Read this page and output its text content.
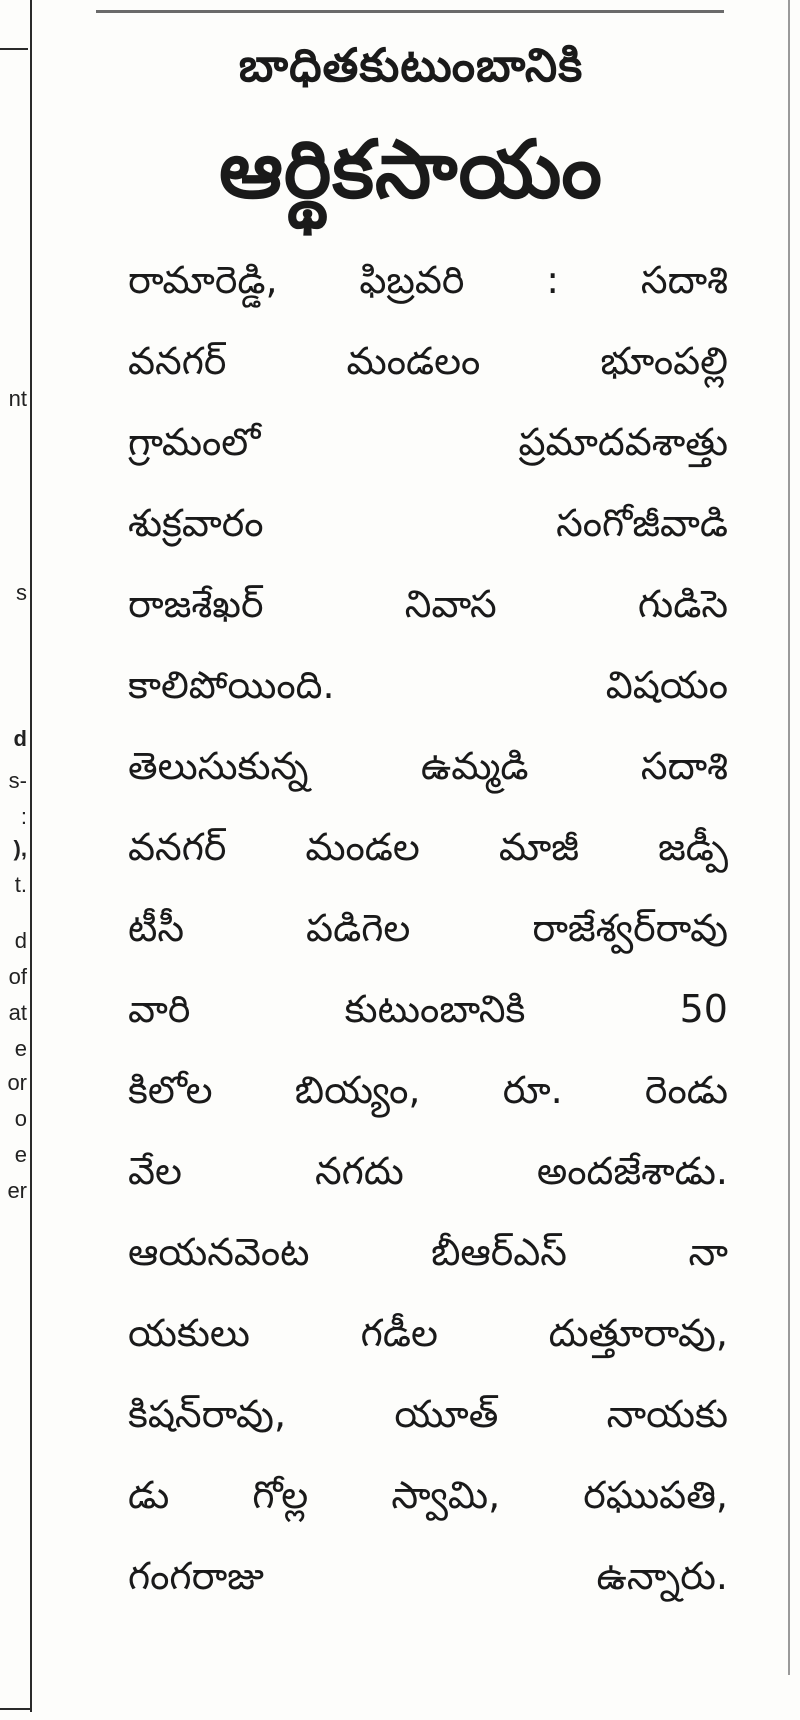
nt
s
d
s-
:
),
t.
d
of
at
e
or
o
e
er
బాధితకుటుంబానికి
ఆర్థికసాయం

రామారెడ్డి, ఫిబ్రవరి : సదాశి
వనగర్ మండలం భూంపల్లి
గ్రామంలో ప్రమాదవశాత్తు
శుక్రవారం సంగోజీవాడి
రాజశేఖర్ నివాస గుడిసె
కాలిపోయింది. విషయం
తెలుసుకున్న ఉమ్మడి సదాశి
వనగర్ మండల మాజీ జడ్పీ
టీసీ పడిగెల రాజేశ్వర్‌రావు
వారి కుటుంబానికి 50
కిలోల బియ్యం, రూ. రెండు
వేల నగదు అందజేశాడు.
ఆయనవెంట బీఆర్ఎస్ నా
యకులు గడీల దుత్తూరావు,
కిషన్‌రావు, యూత్ నాయకు
డు గోల్ల స్వామి, రఘుపతి,
గంగరాజు ఉన్నారు.
